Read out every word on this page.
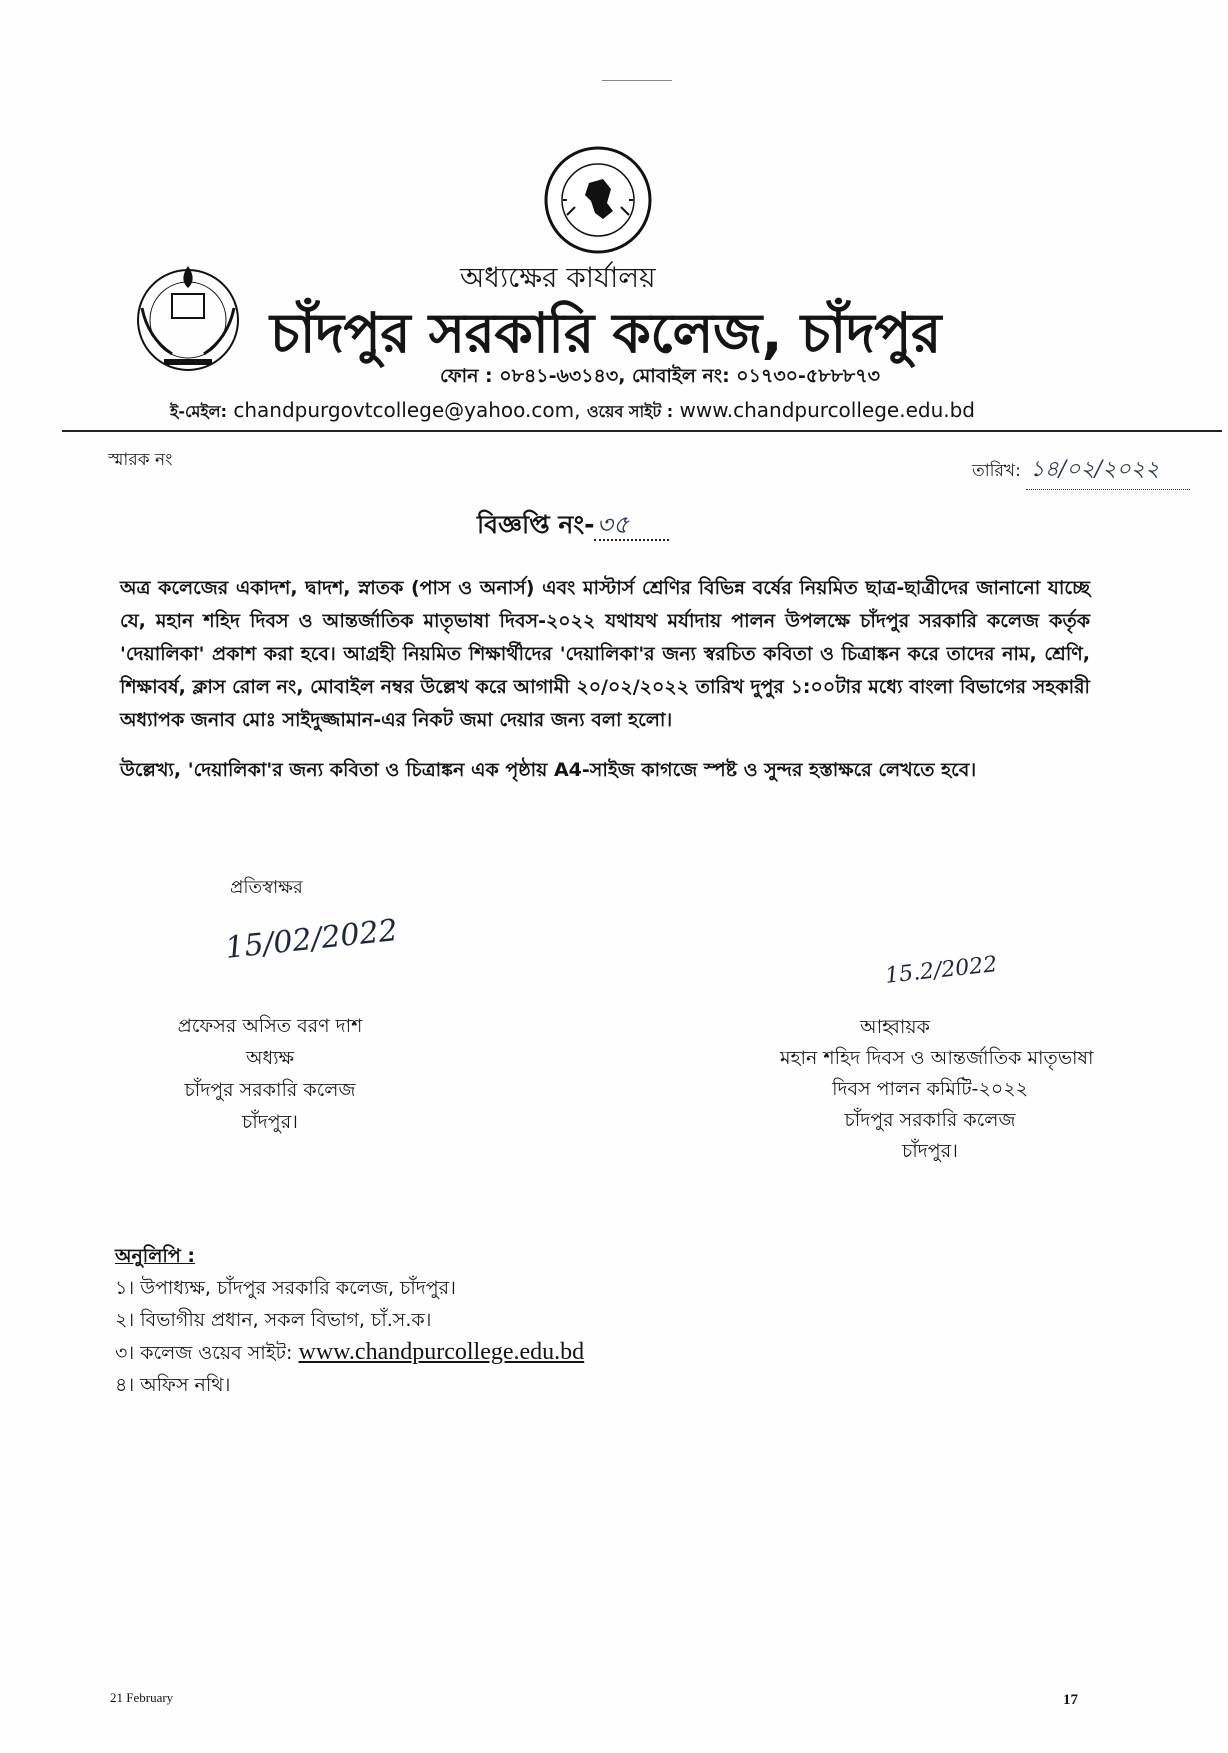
অধ্যক্ষের কার্যালয়
চাঁদপুর সরকারি কলেজ, চাঁদপুর
ফোন : ০৮৪১-৬৩১৪৩, মোবাইল নং: ০১৭৩০-৫৮৮৮৭৩
ই-মেইল: chandpurgovtcollege@yahoo.com, ওয়েব সাইট : www.chandpurcollege.edu.bd
স্মারক নং
তারিখ: ১৪/০২/২০২২
বিজ্ঞপ্তি নং-৩৫

অত্র কলেজের একাদশ, দ্বাদশ, স্নাতক (পাস ও অনার্স) এবং মাস্টার্স শ্রেণির বিভিন্ন বর্ষের নিয়মিত ছাত্র-ছাত্রীদের জানানো যাচ্ছে যে, মহান শহিদ দিবস ও আন্তর্জাতিক মাতৃভাষা দিবস-২০২২ যথাযথ মর্যাদায় পালন উপলক্ষে চাঁদপুর সরকারি কলেজ কর্তৃক 'দেয়ালিকা' প্রকাশ করা হবে। আগ্রহী নিয়মিত শিক্ষার্থীদের 'দেয়ালিকা'র জন্য স্বরচিত কবিতা ও চিত্রাঙ্কন করে তাদের নাম, শ্রেণি, শিক্ষাবর্ষ, ক্লাস রোল নং, মোবাইল নম্বর উল্লেখ করে আগামী ২০/০২/২০২২ তারিখ দুপুর ১:০০টার মধ্যে বাংলা বিভাগের সহকারী অধ্যাপক জনাব মোঃ সাইদুজ্জামান-এর নিকট জমা দেয়ার জন্য বলা হলো।

উল্লেখ্য, 'দেয়ালিকা'র জন্য কবিতা ও চিত্রাঙ্কন এক পৃষ্ঠায় A4-সাইজ কাগজে স্পষ্ট ও সুন্দর হস্তাক্ষরে লেখতে হবে।

প্রতিস্বাক্ষর
15/02/2022
15.2/2022
প্রফেসর অসিত বরণ দাশ
অধ্যক্ষ
চাঁদপুর সরকারি কলেজ
চাঁদপুর।
আহ্বায়ক
মহান শহিদ দিবস ও আন্তর্জাতিক মাতৃভাষা
দিবস পালন কমিটি-২০২২
চাঁদপুর সরকারি কলেজ
চাঁদপুর।
অনুলিপি :
১। উপাধ্যক্ষ, চাঁদপুর সরকারি কলেজ, চাঁদপুর।
২। বিভাগীয় প্রধান, সকল বিভাগ, চাঁ.স.ক।
৩। কলেজ ওয়েব সাইট: www.chandpurcollege.edu.bd
৪। অফিস নথি।
21 February	17
